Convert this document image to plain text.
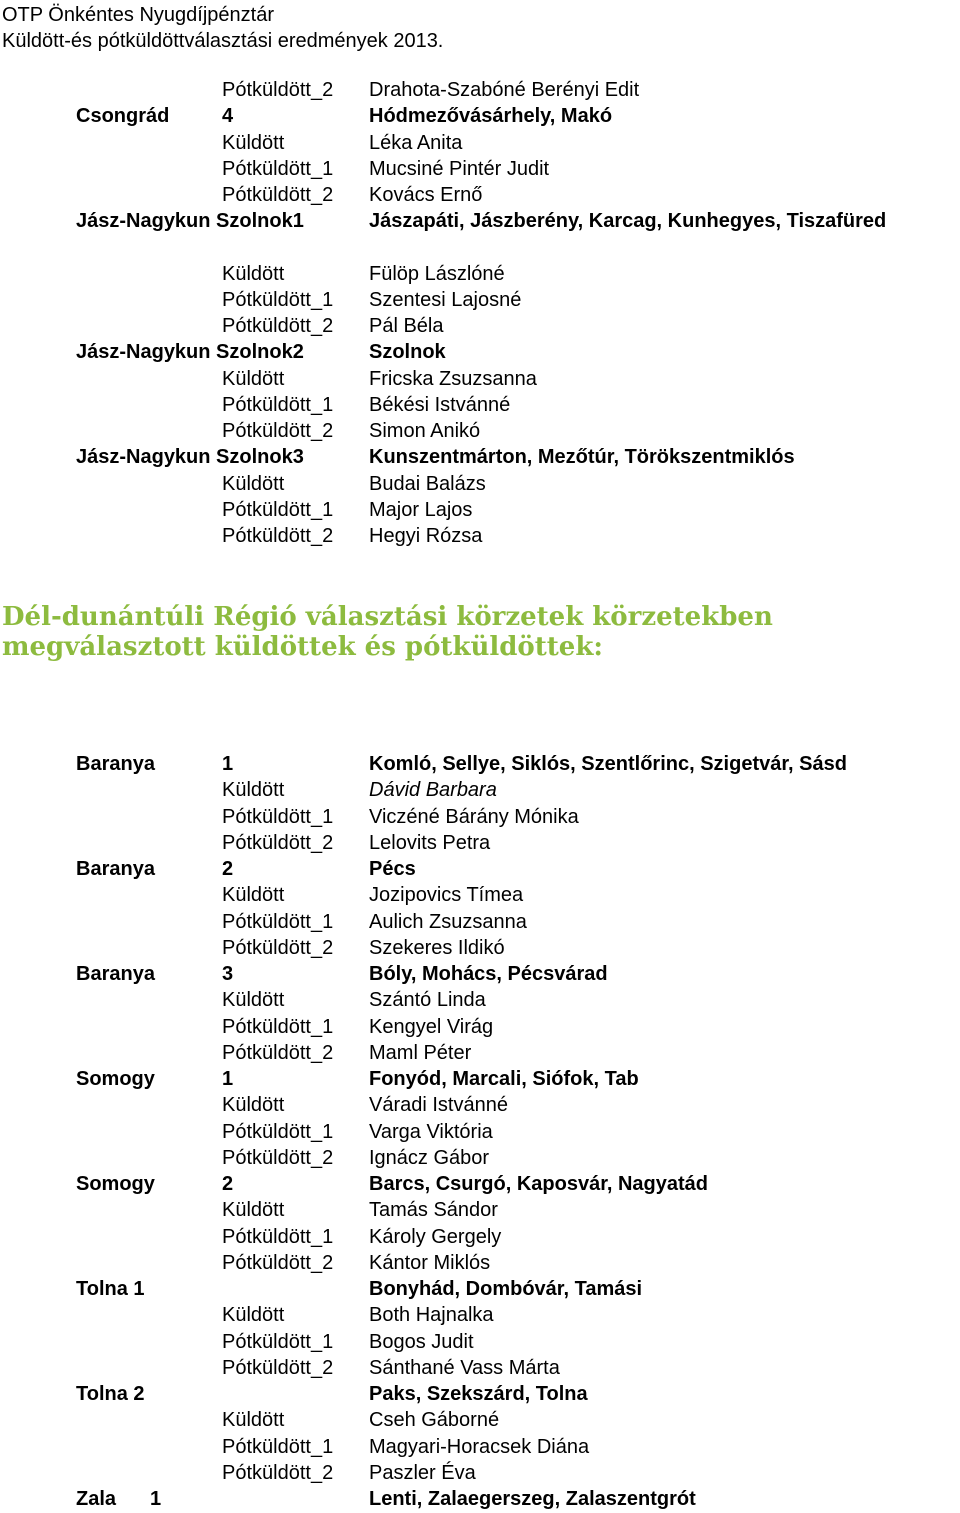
OTP Önkéntes Nyugdíjpénztár
Küldött-és pótküldöttválasztási eredmények 2013.
Pótküldött_2 Drahota-Szabóné Berényi Edit
Csongrád	4	Hódmezővásárhely, Makó
Küldött	Léka Anita
Pótküldött_1 Mucsiné Pintér Judit
Pótküldött_2 Kovács Ernő
Jász-Nagykun Szolnok1	Jászapáti, Jászberény, Karcag, Kunhegyes, Tiszafüred
Küldött	Fülöp Lászlóné
Pótküldött_1 Szentesi Lajosné
Pótküldött_2 Pál Béla
Jász-Nagykun Szolnok2	Szolnok
Küldött	Fricska Zsuzsanna
Pótküldött_1 Békési Istvánné
Pótküldött_2 Simon Anikó
Jász-Nagykun Szolnok3	Kunszentmárton, Mezőtúr, Törökszentmiklós
Küldött	Budai Balázs
Pótküldött_1 Major Lajos
Pótküldött_2 Hegyi Rózsa
Dél-dunántúli Régió választási körzetek körzetekben megválasztott küldöttek és pótküldöttek:
Baranya	1	Komló, Sellye, Siklós, Szentlőrinc, Szigetvár, Sásd
Küldött	Dávid Barbara
Pótküldött_1 Viczéné Bárány Mónika
Pótküldött_2 Lelovits Petra
Baranya	2	Pécs
Küldött	Jozipovics Tímea
Pótküldött_1 Aulich Zsuzsanna
Pótküldött_2 Szekeres Ildikó
Baranya	3	Bóly, Mohács, Pécsvárad
Küldött	Szántó Linda
Pótküldött_1 Kengyel Virág
Pótküldött_2 Maml Péter
Somogy	1	Fonyód, Marcali, Siófok, Tab
Küldött	Váradi Istvánné
Pótküldött_1 Varga Viktória
Pótküldött_2 Ignácz Gábor
Somogy	2	Barcs, Csurgó, Kaposvár, Nagyatád
Küldött	Tamás Sándor
Pótküldött_1 Károly Gergely
Pótküldött_2 Kántor Miklós
Tolna 1	Bonyhád, Dombóvár, Tamási
Küldött	Both Hajnalka
Pótküldött_1 Bogos Judit
Pótküldött_2 Sánthané Vass Márta
Tolna 2	Paks, Szekszárd, Tolna
Küldött	Cseh Gáborné
Pótküldött_1 Magyari-Horacsek Diána
Pótküldött_2 Paszler Éva
Zala 1	Lenti, Zalaegerszeg, Zalaszentgrót
